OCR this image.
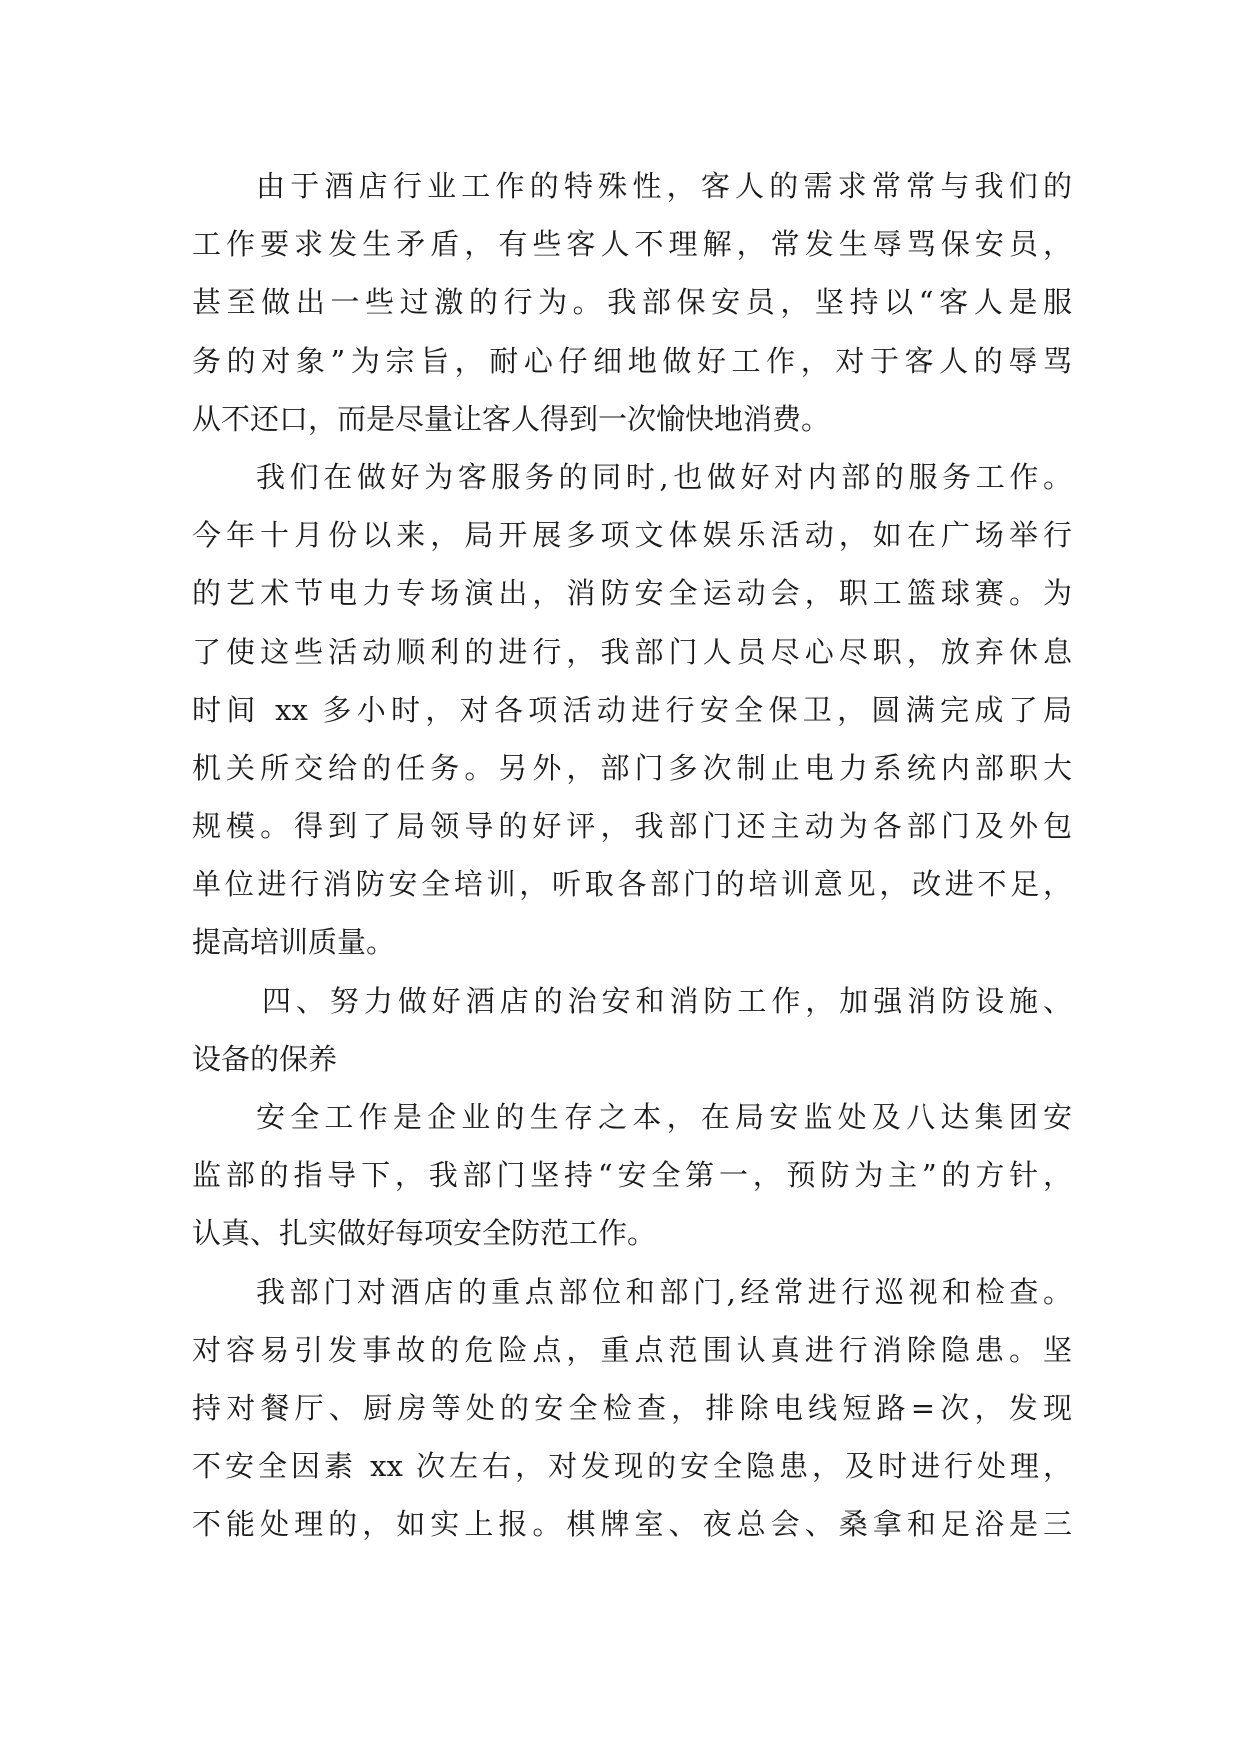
由于酒店行业工作的特殊性，客人的需求常常与我们的
工作要求发生矛盾，有些客人不理解，常发生辱骂保安员，
甚至做出一些过激的行为。我部保安员，坚持以“客人是服
务的对象”为宗旨，耐心仔细地做好工作，对于客人的辱骂
从不还口，而是尽量让客人得到一次愉快地消费。
我们在做好为客服务的同时,也做好对内部的服务工作。
今年十月份以来，局开展多项文体娱乐活动，如在广场举行
的艺术节电力专场演出，消防安全运动会，职工篮球赛。为
了使这些活动顺利的进行，我部门人员尽心尽职，放弃休息
时间 xx 多小时，对各项活动进行安全保卫，圆满完成了局
机关所交给的任务。另外，部门多次制止电力系统内部职大
规模。得到了局领导的好评，我部门还主动为各部门及外包
单位进行消防安全培训，听取各部门的培训意见，改进不足，
提高培训质量。
四、努力做好酒店的治安和消防工作，加强消防设施、
设备的保养
安全工作是企业的生存之本，在局安监处及八达集团安
监部的指导下，我部门坚持“安全第一，预防为主”的方针，
认真、扎实做好每项安全防范工作。
我部门对酒店的重点部位和部门,经常进行巡视和检查。
对容易引发事故的危险点，重点范围认真进行消除隐患。坚
持对餐厅、厨房等处的安全检查，排除电线短路=次，发现
不安全因素 xx 次左右，对发现的安全隐患，及时进行处理，
不能处理的，如实上报。棋牌室、夜总会、桑拿和足浴是三
